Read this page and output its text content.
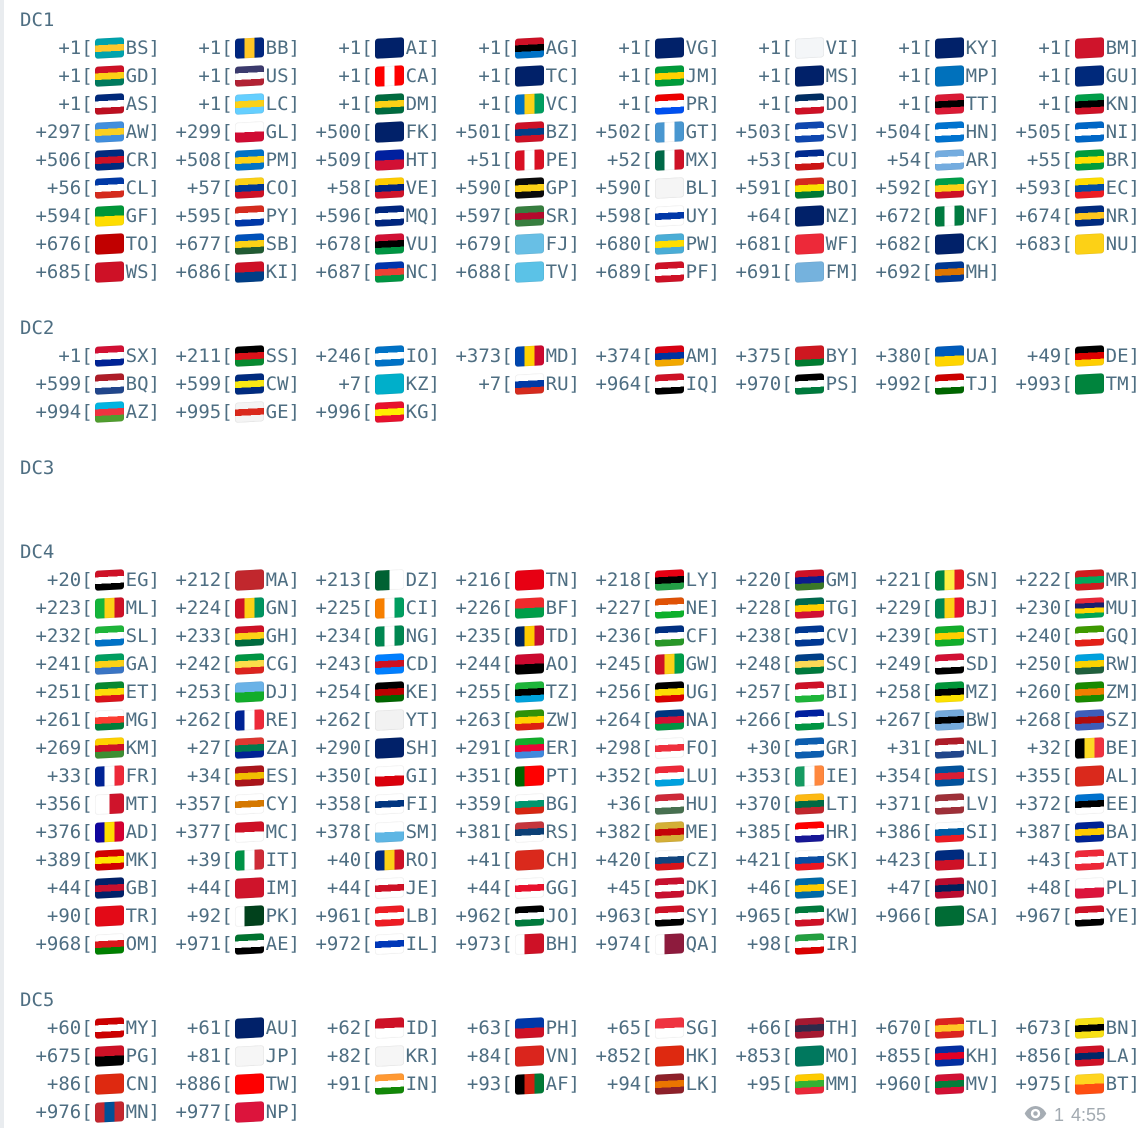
DC1
+1 [ BS ] +1 [ BB ] +1 [ AI ] +1 [ AG ] +1 [ VG ] +1 [ VI ] +1 [ KY ] +1 [ BM ]
+1 [ GD ] +1 [ US ] +1 [ CA ] +1 [ TC ] +1 [ JM ] +1 [ MS ] +1 [ MP ] +1 [ GU ]
+1 [ AS ] +1 [ LC ] +1 [ DM ] +1 [ VC ] +1 [ PR ] +1 [ DO ] +1 [ TT ] +1 [ KN ]
+297 [ AW ] +299 [ GL ] +500 [ FK ] +501 [ BZ ] +502 [ GT ] +503 [ SV ] +504 [ HN ] +505 [ NI ]
+506 [ CR ] +508 [ PM ] +509 [ HT ] +51 [ PE ] +52 [ MX ] +53 [ CU ] +54 [ AR ] +55 [ BR ]
+56 [ CL ] +57 [ CO ] +58 [ VE ] +590 [ GP ] +590 [ BL ] +591 [ BO ] +592 [ GY ] +593 [ EC ]
+594 [ GF ] +595 [ PY ] +596 [ MQ ] +597 [ SR ] +598 [ UY ] +64 [ NZ ] +672 [ NF ] +674 [ NR ]
+676 [ TO ] +677 [ SB ] +678 [ VU ] +679 [ FJ ] +680 [ PW ] +681 [ WF ] +682 [ CK ] +683 [ NU ]
+685 [ WS ] +686 [ KI ] +687 [ NC ] +688 [ TV ] +689 [ PF ] +691 [ FM ] +692 [ MH ]
DC2
+1 [ SX ] +211 [ SS ] +246 [ IO ] +373 [ MD ] +374 [ AM ] +375 [ BY ] +380 [ UA ] +49 [ DE ]
+599 [ BQ ] +599 [ CW ] +7 [ KZ ] +7 [ RU ] +964 [ IQ ] +970 [ PS ] +992 [ TJ ] +993 [ TM ]
+994 [ AZ ] +995 [ GE ] +996 [ KG ]
DC3
DC4
+20 [ EG ] +212 [ MA ] +213 [ DZ ] +216 [ TN ] +218 [ LY ] +220 [ GM ] +221 [ SN ] +222 [ MR ]
+223 [ ML ] +224 [ GN ] +225 [ CI ] +226 [ BF ] +227 [ NE ] +228 [ TG ] +229 [ BJ ] +230 [ MU ]
+232 [ SL ] +233 [ GH ] +234 [ NG ] +235 [ TD ] +236 [ CF ] +238 [ CV ] +239 [ ST ] +240 [ GQ ]
+241 [ GA ] +242 [ CG ] +243 [ CD ] +244 [ AO ] +245 [ GW ] +248 [ SC ] +249 [ SD ] +250 [ RW ]
+251 [ ET ] +253 [ DJ ] +254 [ KE ] +255 [ TZ ] +256 [ UG ] +257 [ BI ] +258 [ MZ ] +260 [ ZM ]
+261 [ MG ] +262 [ RE ] +262 [ YT ] +263 [ ZW ] +264 [ NA ] +266 [ LS ] +267 [ BW ] +268 [ SZ ]
+269 [ KM ] +27 [ ZA ] +290 [ SH ] +291 [ ER ] +298 [ FO ] +30 [ GR ] +31 [ NL ] +32 [ BE ]
+33 [ FR ] +34 [ ES ] +350 [ GI ] +351 [ PT ] +352 [ LU ] +353 [ IE ] +354 [ IS ] +355 [ AL ]
+356 [ MT ] +357 [ CY ] +358 [ FI ] +359 [ BG ] +36 [ HU ] +370 [ LT ] +371 [ LV ] +372 [ EE ]
+376 [ AD ] +377 [ MC ] +378 [ SM ] +381 [ RS ] +382 [ ME ] +385 [ HR ] +386 [ SI ] +387 [ BA ]
+389 [ MK ] +39 [ IT ] +40 [ RO ] +41 [ CH ] +420 [ CZ ] +421 [ SK ] +423 [ LI ] +43 [ AT ]
+44 [ GB ] +44 [ IM ] +44 [ JE ] +44 [ GG ] +45 [ DK ] +46 [ SE ] +47 [ NO ] +48 [ PL ]
+90 [ TR ] +92 [ PK ] +961 [ LB ] +962 [ JO ] +963 [ SY ] +965 [ KW ] +966 [ SA ] +967 [ YE ]
+968 [ OM ] +971 [ AE ] +972 [ IL ] +973 [ BH ] +974 [ QA ] +98 [ IR ]
DC5
+60 [ MY ] +61 [ AU ] +62 [ ID ] +63 [ PH ] +65 [ SG ] +66 [ TH ] +670 [ TL ] +673 [ BN ]
+675 [ PG ] +81 [ JP ] +82 [ KR ] +84 [ VN ] +852 [ HK ] +853 [ MO ] +855 [ KH ] +856 [ LA ]
+86 [ CN ] +886 [ TW ] +91 [ IN ] +93 [ AF ] +94 [ LK ] +95 [ MM ] +960 [ MV ] +975 [ BT ]
+976 [ MN ] +977 [ NP ]	1 4:55
